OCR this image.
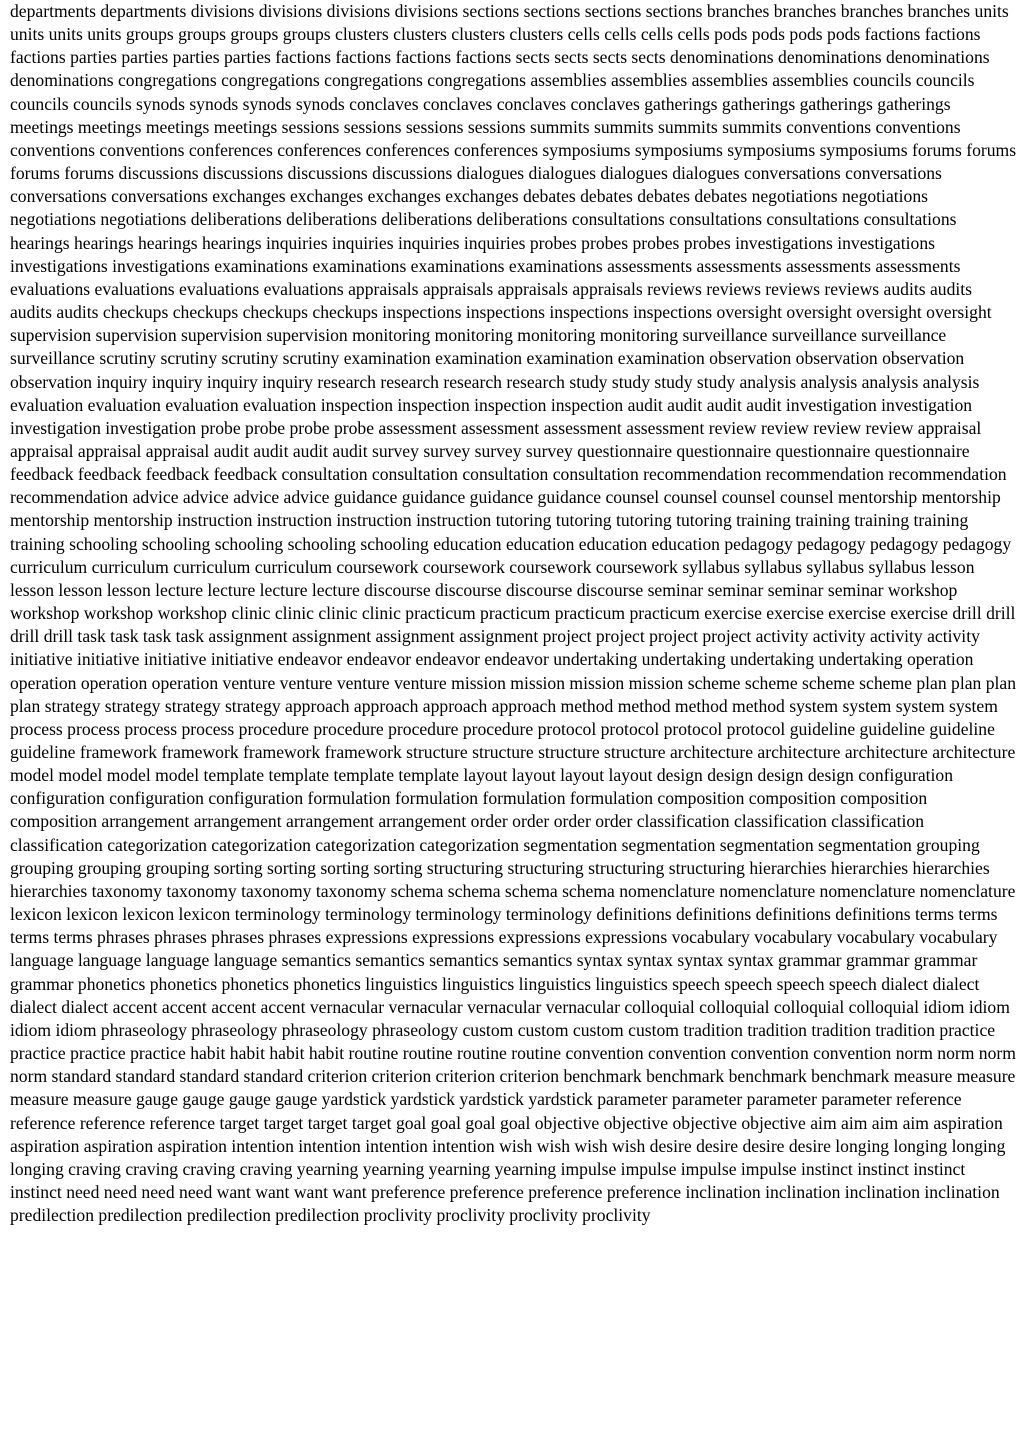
departments departments divisions divisions divisions divisions sections sections sections sections branches branches branches branches units units units units groups groups groups groups clusters clusters clusters clusters cells cells cells cells pods pods pods pods factions factions factions parties parties parties parties factions factions factions factions sects sects sects sects denominations denominations denominations denominations congregations congregations congregations congregations assemblies assemblies assemblies assemblies councils councils councils councils synods synods synods synods conclaves conclaves conclaves conclaves gatherings gatherings gatherings gatherings meetings meetings meetings meetings sessions sessions sessions sessions summits summits summits summits conventions conventions conventions conventions conferences conferences conferences conferences symposiums symposiums symposiums symposiums forums forums forums forums discussions discussions discussions discussions dialogues dialogues dialogues dialogues conversations conversations conversations conversations exchanges exchanges exchanges exchanges debates debates debates debates negotiations negotiations negotiations negotiations deliberations deliberations deliberations deliberations consultations consultations consultations consultations hearings hearings hearings hearings inquiries inquiries inquiries inquiries probes probes probes probes investigations investigations investigations investigations examinations examinations examinations examinations assessments assessments assessments assessments evaluations evaluations evaluations evaluations appraisals appraisals appraisals appraisals reviews reviews reviews reviews audits audits audits audits checkups checkups checkups checkups inspections inspections inspections inspections oversight oversight oversight oversight supervision supervision supervision supervision monitoring monitoring monitoring monitoring surveillance surveillance surveillance surveillance scrutiny scrutiny scrutiny scrutiny examination examination examination examination observation observation observation observation inquiry inquiry inquiry inquiry research research research research study study study study analysis analysis analysis analysis evaluation evaluation evaluation evaluation inspection inspection inspection inspection audit audit audit audit investigation investigation investigation investigation probe probe probe probe assessment assessment assessment assessment review review review review appraisal appraisal appraisal appraisal audit audit audit audit survey survey survey survey questionnaire questionnaire questionnaire questionnaire feedback feedback feedback feedback consultation consultation consultation consultation recommendation recommendation recommendation recommendation advice advice advice advice guidance guidance guidance guidance counsel counsel counsel counsel mentorship mentorship mentorship mentorship instruction instruction instruction instruction tutoring tutoring tutoring tutoring training training training training training schooling schooling schooling schooling schooling education education education education pedagogy pedagogy pedagogy pedagogy curriculum curriculum curriculum curriculum coursework coursework coursework coursework syllabus syllabus syllabus syllabus lesson lesson lesson lesson lecture lecture lecture lecture discourse discourse discourse discourse seminar seminar seminar seminar workshop workshop workshop workshop clinic clinic clinic clinic practicum practicum practicum practicum exercise exercise exercise exercise drill drill drill drill task task task task assignment assignment assignment assignment project project project project activity activity activity activity initiative initiative initiative initiative endeavor endeavor endeavor endeavor undertaking undertaking undertaking undertaking operation operation operation operation venture venture venture venture mission mission mission mission scheme scheme scheme scheme plan plan plan plan strategy strategy strategy strategy approach approach approach approach method method method method system system system system process process process process procedure procedure procedure procedure protocol protocol protocol protocol guideline guideline guideline guideline framework framework framework framework structure structure structure structure architecture architecture architecture architecture model model model model template template template template layout layout layout layout design design design design configuration configuration configuration configuration formulation formulation formulation formulation composition composition composition composition arrangement arrangement arrangement arrangement order order order order classification classification classification classification categorization categorization categorization categorization segmentation segmentation segmentation segmentation grouping grouping grouping grouping sorting sorting sorting sorting structuring structuring structuring structuring hierarchies hierarchies hierarchies hierarchies taxonomy taxonomy taxonomy taxonomy schema schema schema schema nomenclature nomenclature nomenclature nomenclature lexicon lexicon lexicon lexicon terminology terminology terminology terminology definitions definitions definitions definitions terms terms terms terms phrases phrases phrases phrases expressions expressions expressions expressions vocabulary vocabulary vocabulary vocabulary language language language language semantics semantics semantics semantics syntax syntax syntax syntax grammar grammar grammar grammar phonetics phonetics phonetics phonetics linguistics linguistics linguistics linguistics speech speech speech speech dialect dialect dialect dialect accent accent accent accent vernacular vernacular vernacular vernacular colloquial colloquial colloquial colloquial idiom idiom idiom idiom phraseology phraseology phraseology phraseology custom custom custom custom tradition tradition tradition tradition practice practice practice practice habit habit habit habit routine routine routine routine convention convention convention convention norm norm norm norm standard standard standard standard criterion criterion criterion criterion benchmark benchmark benchmark benchmark measure measure measure measure gauge gauge gauge gauge yardstick yardstick yardstick yardstick parameter parameter parameter parameter reference reference reference reference target target target target goal goal goal goal objective objective objective objective aim aim aim aim aspiration aspiration aspiration aspiration intention intention intention intention wish wish wish wish desire desire desire desire longing longing longing longing craving craving craving craving yearning yearning yearning yearning impulse impulse impulse impulse instinct instinct instinct instinct need need need need want want want want preference preference preference preference inclination inclination inclination inclination predilection predilection predilection predilection proclivity proclivity proclivity proclivity
